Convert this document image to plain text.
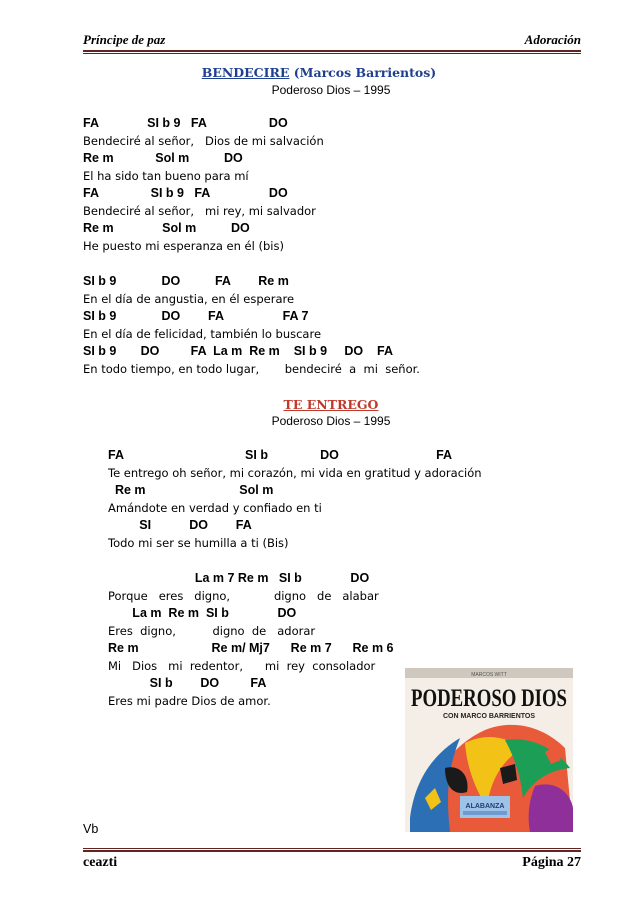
Príncipe de paz	Adoración
BENDECIRE (Marcos Barrientos)
Poderoso Dios – 1995
FA              SI b 9   FA                  DO
Bendeciré al señor,   Dios de mi salvación
Re m            Sol m          DO
El ha sido tan bueno para mí
FA               SI b 9   FA                 DO
Bendeciré al señor,   mi rey, mi salvador
Re m              Sol m          DO
He puesto mi esperanza en él (bis)
SI b 9             DO          FA        Re m
En el día de angustia, en él esperare
SI b 9             DO        FA                 FA 7
En el día de felicidad, también lo buscare
SI b 9       DO         FA  La m  Re m    SI b 9     DO    FA
En todo tiempo, en todo lugar,       bendeciré  a  mi  señor.
TE ENTREGO
Poderoso Dios – 1995
FA                                   SI b               DO                            FA
Te entrego oh señor, mi corazón, mi vida en gratitud y adoración
Re m                           Sol m
Amándote en verdad y confiado en ti
SI           DO        FA
Todo mi ser se humilla a ti (Bis)
La m 7 Re m   SI b              DO
Porque   eres   digno,            digno   de   alabar
La m  Re m  SI b              DO
Eres  digno,          digno  de   adorar
Re m                     Re m/ Mj7      Re m 7      Re m 6
Mi   Dios   mi  redentor,      mi  rey  consolador
SI b        DO         FA
Eres mi padre Dios de amor.
MARCOS WITT
PODEROSO DIOS
CON MARCO BARRIENTOS
ALABANZA
Vb
ceazti	Página 27
